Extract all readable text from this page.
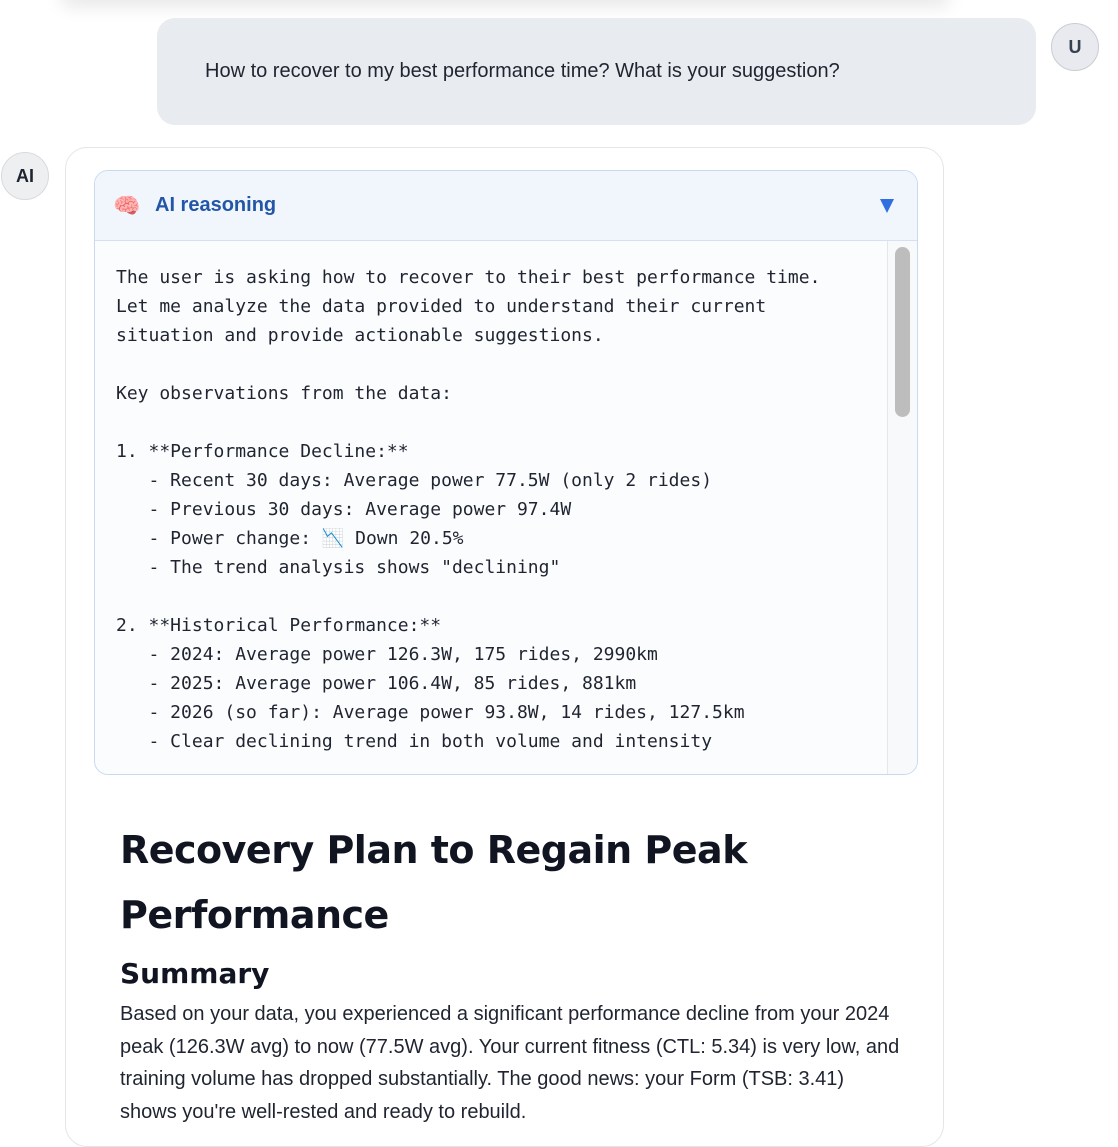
How to recover to my best performance time? What is your suggestion?
U
AI
🧠 AI reasoning
The user is asking how to recover to their best performance time.
Let me analyze the data provided to understand their current
situation and provide actionable suggestions.

Key observations from the data:

1. **Performance Decline:**
- Recent 30 days: Average power 77.5W (only 2 rides)
- Previous 30 days: Average power 97.4W
- Power change: 📉 Down 20.5%
- The trend analysis shows "declining"

2. **Historical Performance:**
- 2024: Average power 126.3W, 175 rides, 2990km
- 2025: Average power 106.4W, 85 rides, 881km
- 2026 (so far): Average power 93.8W, 14 rides, 127.5km
- Clear declining trend in both volume and intensity
Recovery Plan to Regain Peak Performance
Summary

Based on your data, you experienced a significant performance decline from your 2024 peak (126.3W avg) to now (77.5W avg). Your current fitness (CTL: 5.34) is very low, and training volume has dropped substantially. The good news: your Form (TSB: 3.41) shows you're well-rested and ready to rebuild.
